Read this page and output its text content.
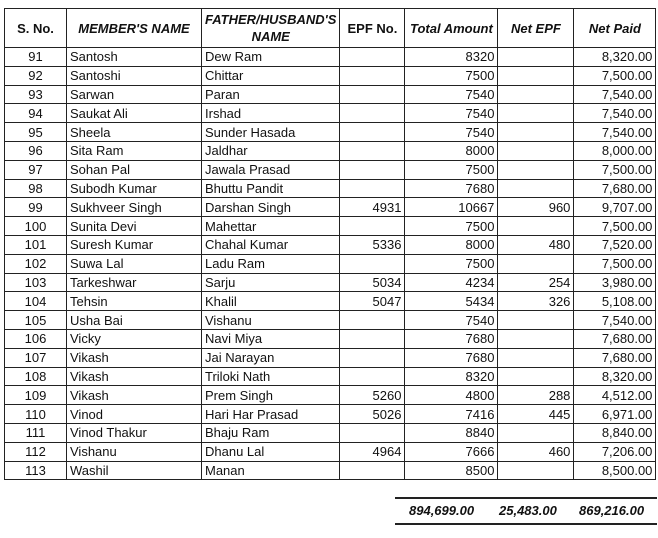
S. No.	MEMBER'S NAME	FATHER/HUSBAND'S NAME	EPF No.	Total Amount	Net EPF	Net Paid
91	Santosh	Dew Ram		8320		8,320.00
92	Santoshi	Chittar		7500		7,500.00
93	Sarwan	Paran		7540		7,540.00
94	Saukat Ali	Irshad		7540		7,540.00
95	Sheela	Sunder Hasada		7540		7,540.00
96	Sita Ram	Jaldhar		8000		8,000.00
97	Sohan Pal	Jawala Prasad		7500		7,500.00
98	Subodh Kumar	Bhuttu Pandit		7680		7,680.00
99	Sukhveer Singh	Darshan Singh	4931	10667	960	9,707.00
100	Sunita Devi	Mahettar		7500		7,500.00
101	Suresh Kumar	Chahal Kumar	5336	8000	480	7,520.00
102	Suwa Lal	Ladu Ram		7500		7,500.00
103	Tarkeshwar	Sarju	5034	4234	254	3,980.00
104	Tehsin	Khalil	5047	5434	326	5,108.00
105	Usha Bai	Vishanu		7540		7,540.00
106	Vicky	Navi Miya		7680		7,680.00
107	Vikash	Jai Narayan		7680		7,680.00
108	Vikash	Triloki Nath		8320		8,320.00
109	Vikash	Prem Singh	5260	4800	288	4,512.00
110	Vinod	Hari Har Prasad	5026	7416	445	6,971.00
111	Vinod Thakur	Bhaju Ram		8840		8,840.00
112	Vishanu	Dhanu Lal	4964	7666	460	7,206.00
113	Washil	Manan		8500		8,500.00
894,699.00 25,483.00 869,216.00
